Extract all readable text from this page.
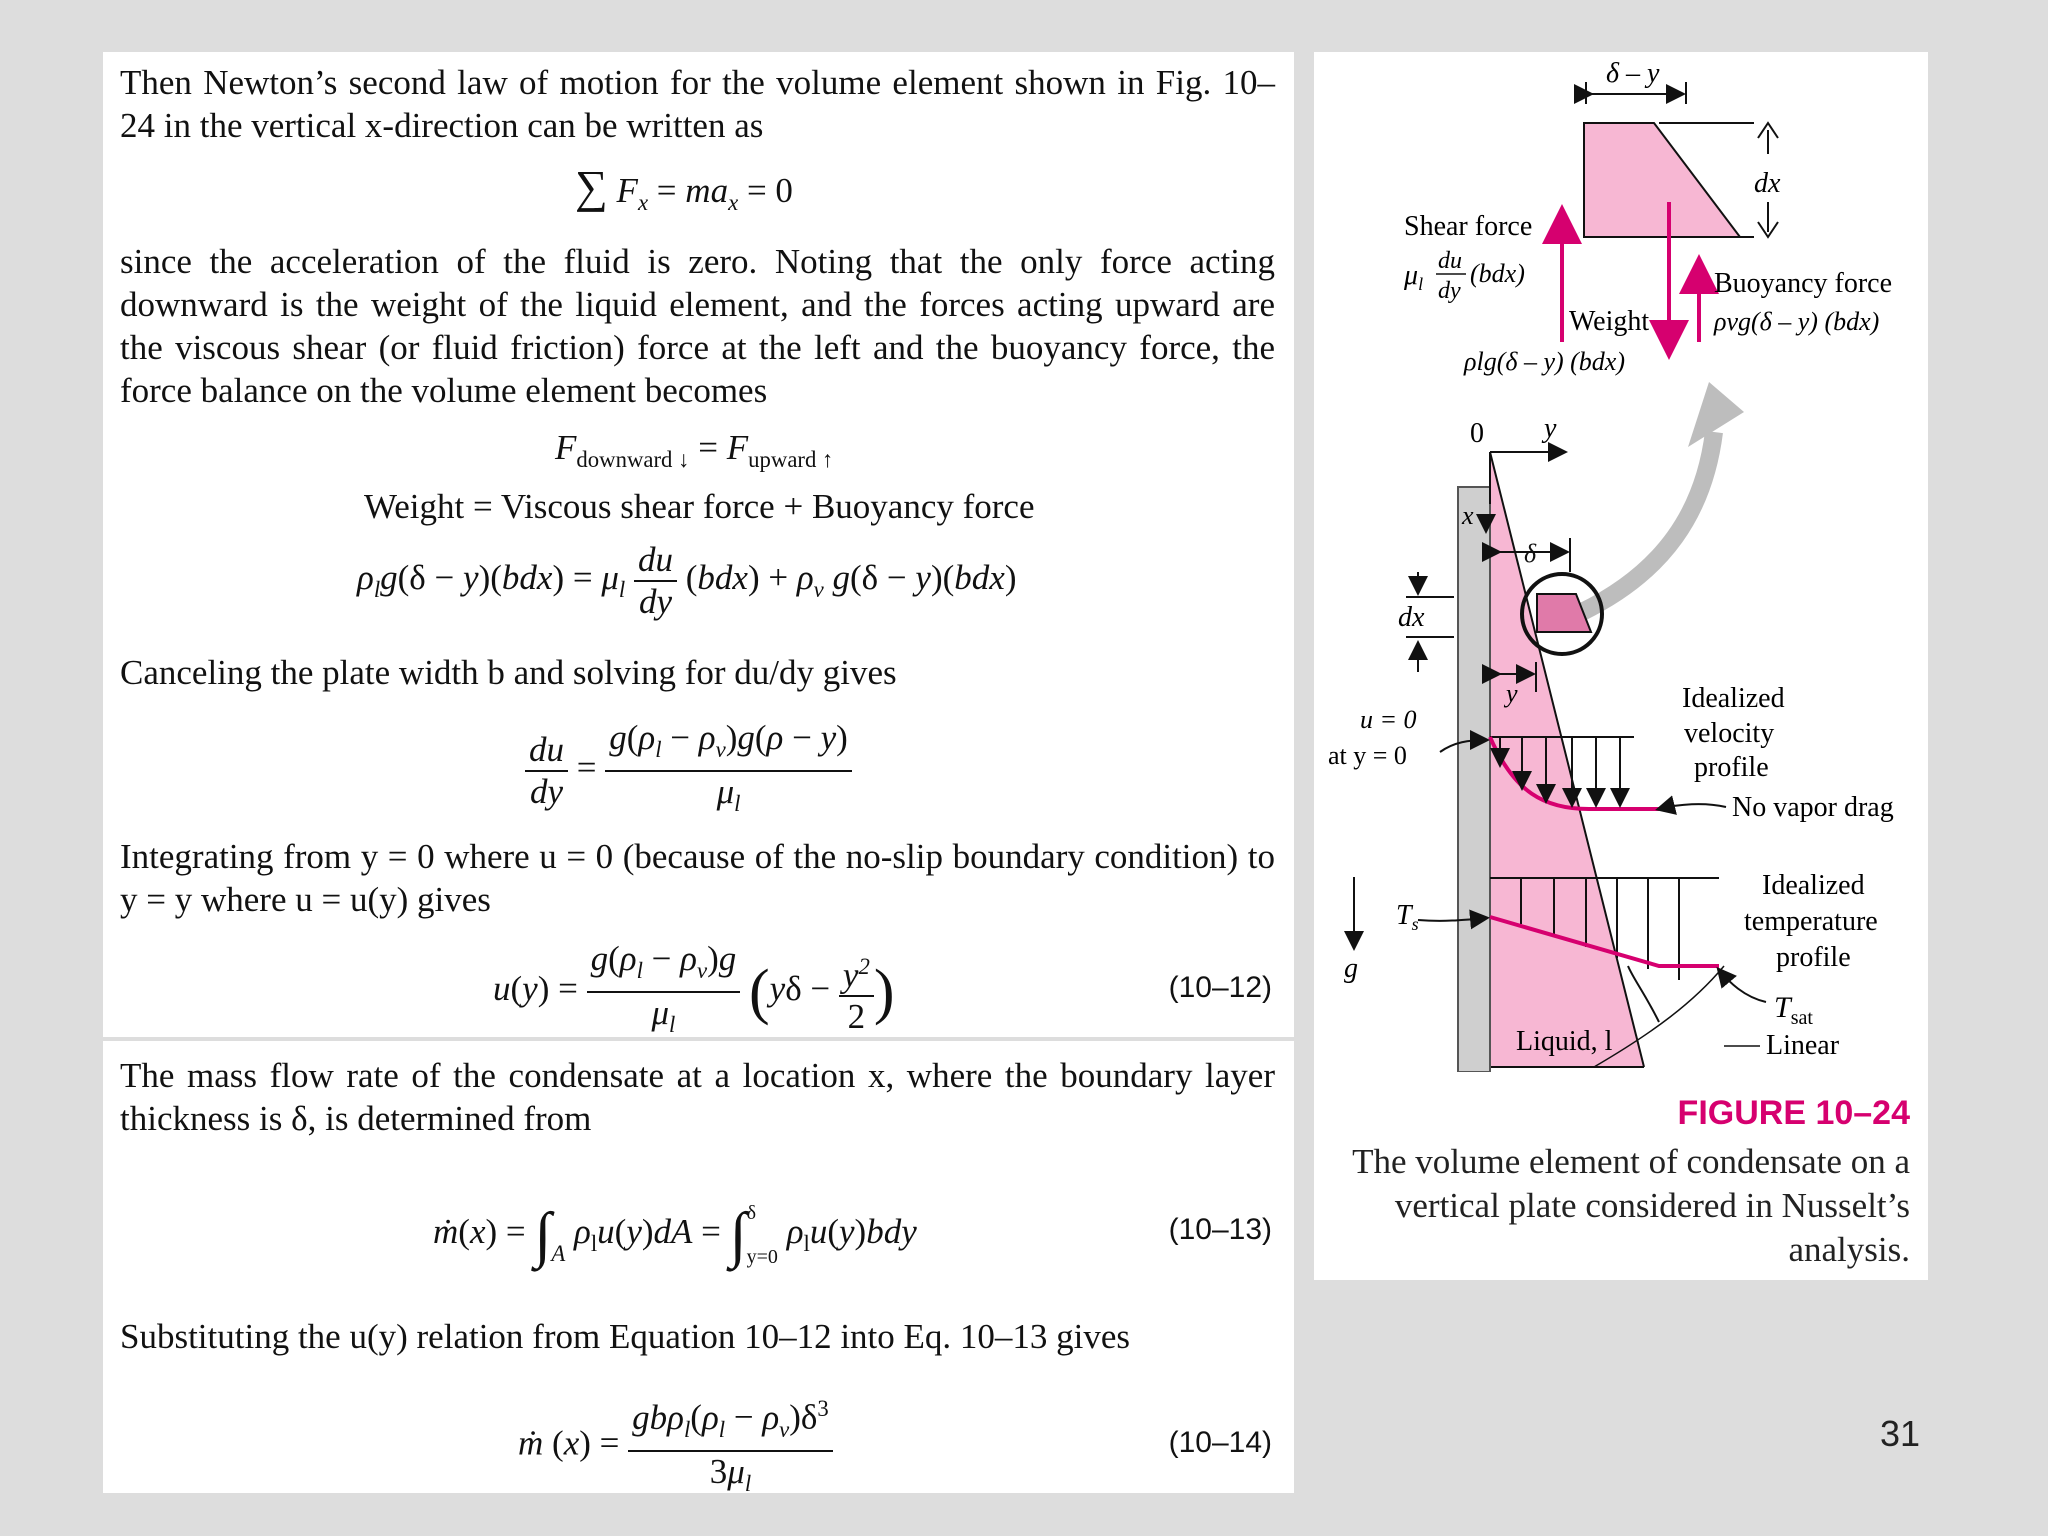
Then Newton’s second law of motion for the volume element shown in Fig. 10–24 in the vertical x-direction can be written as

∑ $F_x = ma_x = 0$

since the acceleration of the fluid is zero. Noting that the only force acting downward is the weight of the liquid element, and the forces acting upward are the viscous shear (or fluid friction) force at the left and the buoyancy force, the force balance on the volume element becomes

$F_{downward ↓} = F_{upward ↑}$
Weight = Viscous shear force + Buoyancy force
$\rho_lg(\delta - y)(bdx) = \mu_l \frac{du}{dy} (bdx) + \rho_v$ g(δ − y)(bdx)

Canceling the plate width b and solving for du/dy gives

$\frac{du}{dy} = \frac{g(\rho_l - \rho_v)g(\rho - y)}{\mu_l}$

Integrating from y = 0 where u = 0 (because of the no-slip boundary condition) to y = y where u = u(y) gives

$u(y) = \frac{g(\rho_l - \rho_v)g}{\mu_l} (y\delta - \frac{y^2}{2}$ )	(10–12)

The mass flow rate of the condensate at a location x, where the boundary layer thickness is δ, is determined from

ṁ(x) = $\int_A$ $\rho_lu(y)dA = \int\delta$
y=0 $\rho_lu(y)bdy$	(10–13)

Substituting the u(y) relation from Equation 10–12 into Eq. 10–13 gives

ṁ $(x) = \frac{gb\rho_l(\rho_l - \rho_v)\delta^3}{3\mu_l}$	(10–14)
δ – y
dx
Shear force
$\mu_l$
du
dy
(bdx)
Weight
ρlg(δ – y) (bdx)
Buoyancy force
ρvg(δ – y) (bdx)
0 y
x
δ
dx
y
u = 0
at y = 0
$T_s$
g
Idealized
velocity
profile
No vapor drag
Idealized
temperature
profile
$T_{sat}$
Linear
Liquid, l
FIGURE 10–24
The volume element of condensate on a vertical plate considered in Nusselt’s analysis.
31
